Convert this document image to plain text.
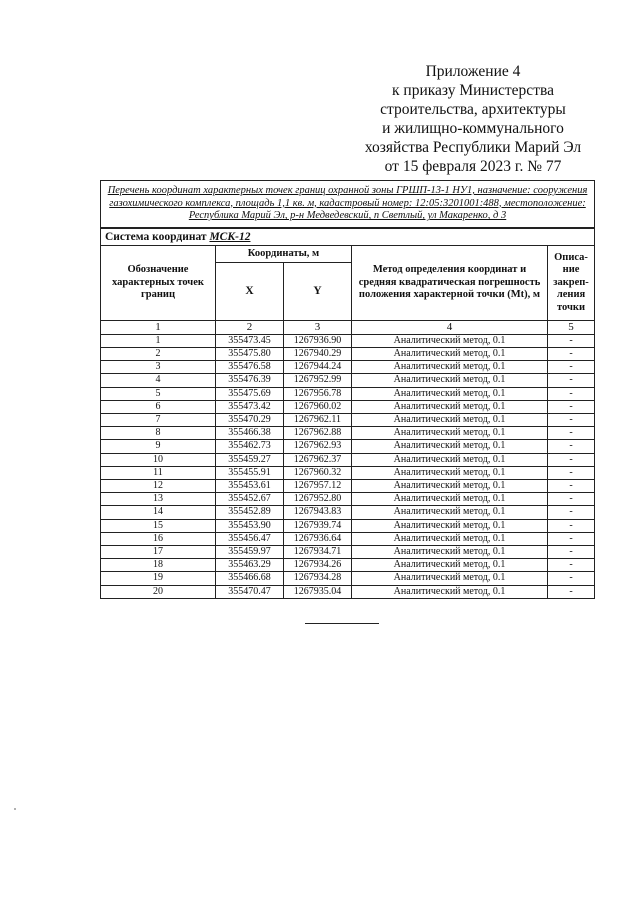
Приложение 4
к приказу Министерства
строительства, архитектуры
и жилищно-коммунального
хозяйства Республики Марий Эл
от 15 февраля 2023 г. № 77
Перечень координат характерных точек границ охранной зоны ГРШП-13-1 НУ1, назначение: сооружения газохимического комплекса, площадь 1,1 кв. м, кадастровый номер: 12:05:3201001:488, местоположение: Республика Марий Эл, р-н Медведевский, п Светлый, ул Макаренко, д 3				
Система координат МСК-12				
Обозначение характерных точек границ	Координаты, м		Метод определения координат и средняя квадратическая погрешность положения характерной точки (Mt), м	Описа-ние закреп-ления точки
	X	Y		
1	2	3	4	5
1	355473.45	1267936.90	Аналитический метод, 0.1	-
2	355475.80	1267940.29	Аналитический метод, 0.1	-
3	355476.58	1267944.24	Аналитический метод, 0.1	-
4	355476.39	1267952.99	Аналитический метод, 0.1	-
5	355475.69	1267956.78	Аналитический метод, 0.1	-
6	355473.42	1267960.02	Аналитический метод, 0.1	-
7	355470.29	1267962.11	Аналитический метод, 0.1	-
8	355466.38	1267962.88	Аналитический метод, 0.1	-
9	355462.73	1267962.93	Аналитический метод, 0.1	-
10	355459.27	1267962.37	Аналитический метод, 0.1	-
11	355455.91	1267960.32	Аналитический метод, 0.1	-
12	355453.61	1267957.12	Аналитический метод, 0.1	-
13	355452.67	1267952.80	Аналитический метод, 0.1	-
14	355452.89	1267943.83	Аналитический метод, 0.1	-
15	355453.90	1267939.74	Аналитический метод, 0.1	-
16	355456.47	1267936.64	Аналитический метод, 0.1	-
17	355459.97	1267934.71	Аналитический метод, 0.1	-
18	355463.29	1267934.26	Аналитический метод, 0.1	-
19	355466.68	1267934.28	Аналитический метод, 0.1	-
20	355470.47	1267935.04	Аналитический метод, 0.1	-
